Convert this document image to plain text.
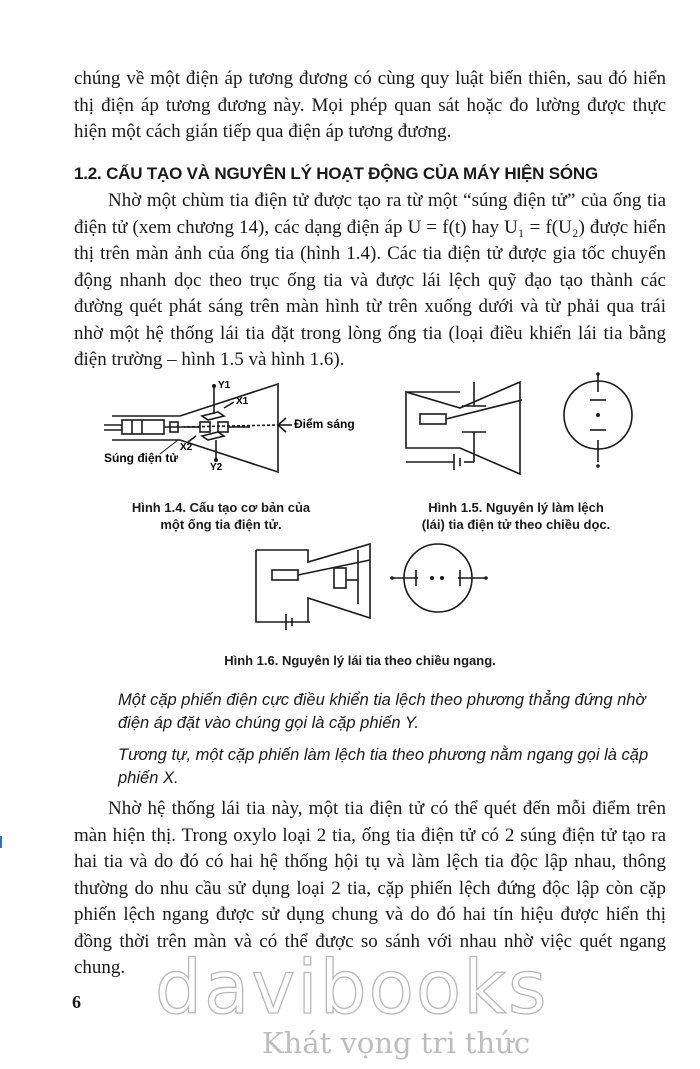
chúng về một điện áp tương đương có cùng quy luật biến thiên, sau đó hiển thị điện áp tương đương này. Mọi phép quan sát hoặc đo lường được thực hiện một cách gián tiếp qua điện áp tương đương.

1.2. CẤU TẠO VÀ NGUYÊN LÝ HOẠT ĐỘNG CỦA MÁY HIỆN SÓNG

Nhờ một chùm tia điện tử được tạo ra từ một “súng điện tử” của ống tia điện tử (xem chương 14), các dạng điện áp U = f(t) hay U₁ = f(U₂) được hiển thị trên màn ảnh của ống tia (hình 1.4). Các tia điện tử được gia tốc chuyển động nhanh dọc theo trục ống tia và được lái lệch quỹ đạo tạo thành các đường quét phát sáng trên màn hình từ trên xuống dưới và từ phải qua trái nhờ một hệ thống lái tia đặt trong lòng ống tia (loại điều khiển lái tia bằng điện trường – hình 1.5 và hình 1.6).

Y1
X1
X2
Y2
Điểm sáng
Súng điện tử

Hình 1.4. Cấu tạo cơ bản của
một ống tia điện tử.

Hình 1.5. Nguyên lý làm lệch
(lái) tia điện tử theo chiều dọc.

Hình 1.6. Nguyên lý lái tia theo chiều ngang.

Một cặp phiến điện cực điều khiển tia lệch theo phương thẳng đứng nhờ điện áp đặt vào chúng gọi là cặp phiến Y.

Tương tự, một cặp phiến làm lệch tia theo phương nằm ngang gọi là cặp phiến X.

Nhờ hệ thống lái tia này, một tia điện tử có thể quét đến mỗi điểm trên màn hiện thị. Trong oxylo loại 2 tia, ống tia điện tử có 2 súng điện tử tạo ra hai tia và do đó có hai hệ thống hội tụ và làm lệch tia độc lập nhau, thông thường do nhu cầu sử dụng loại 2 tia, cặp phiến lệch đứng độc lập còn cặp phiến lệch ngang được sử dụng chung và do đó hai tín hiệu được hiển thị đồng thời trên màn và có thể được so sánh với nhau nhờ việc quét ngang chung.

6 davibooks

Khát vọng tri thức
